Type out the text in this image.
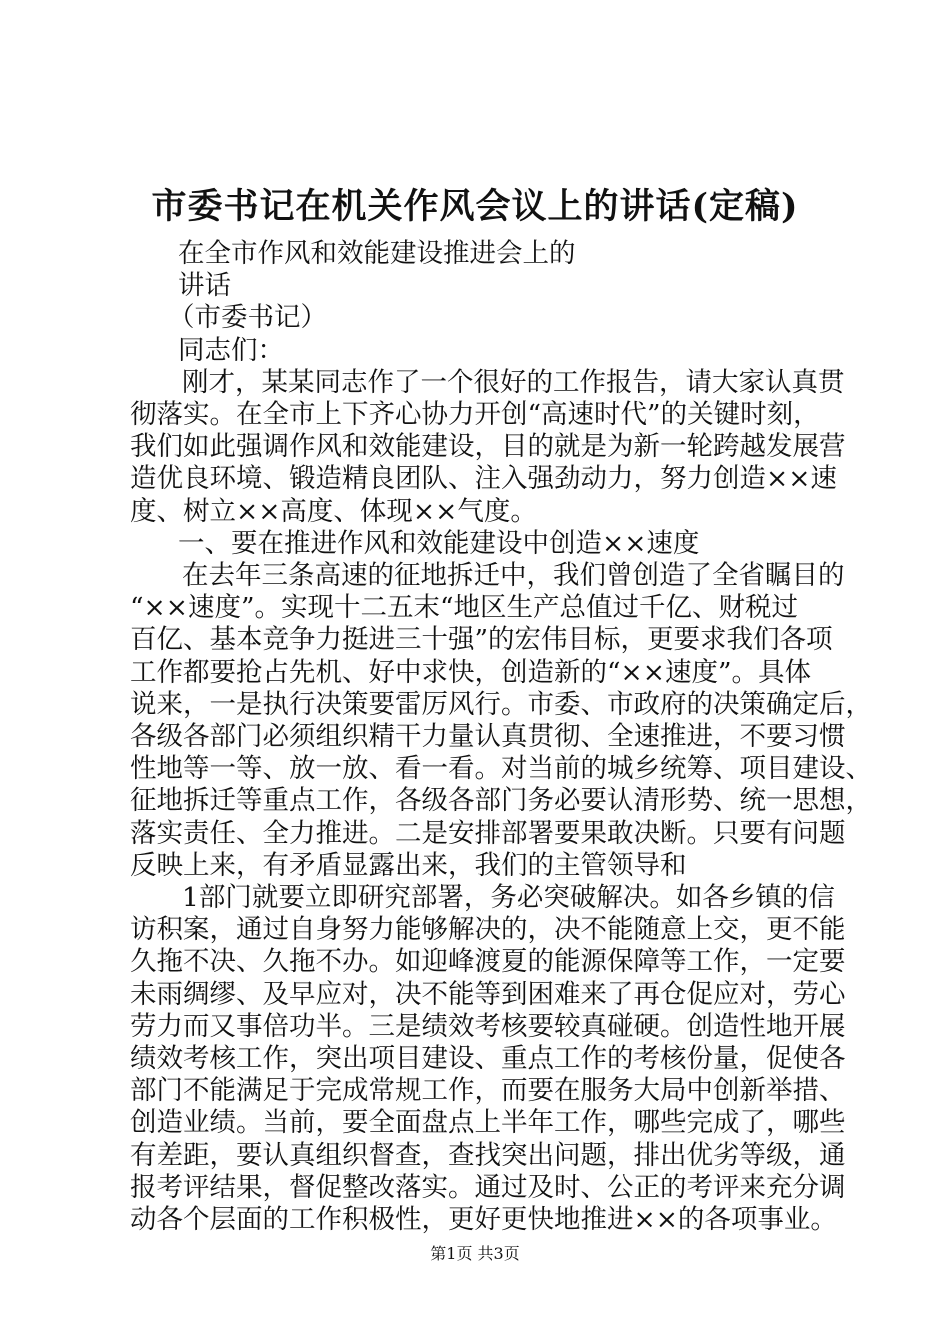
市委书记在机关作风会议上的讲话(定稿)
在全市作风和效能建设推进会上的
讲话
（市委书记）
同志们：
刚才，某某同志作了一个很好的工作报告，请大家认真贯
彻落实。在全市上下齐心协力开创“高速时代”的关键时刻，
我们如此强调作风和效能建设，目的就是为新一轮跨越发展营
造优良环境、锻造精良团队、注入强劲动力，努力创造××速
度、树立××高度、体现××气度。
一、要在推进作风和效能建设中创造××速度
在去年三条高速的征地拆迁中，我们曾创造了全省瞩目的
“××速度”。实现十二五末“地区生产总值过千亿、财税过
百亿、基本竞争力挺进三十强”的宏伟目标，更要求我们各项
工作都要抢占先机、好中求快，创造新的“××速度”。具体
说来，一是执行决策要雷厉风行。市委、市政府的决策确定后，
各级各部门必须组织精干力量认真贯彻、全速推进，不要习惯
性地等一等、放一放、看一看。对当前的城乡统筹、项目建设、
征地拆迁等重点工作，各级各部门务必要认清形势、统一思想，
落实责任、全力推进。二是安排部署要果敢决断。只要有问题
反映上来，有矛盾显露出来，我们的主管领导和
1部门就要立即研究部署，务必突破解决。如各乡镇的信
访积案，通过自身努力能够解决的，决不能随意上交，更不能
久拖不决、久拖不办。如迎峰渡夏的能源保障等工作，一定要
未雨绸缪、及早应对，决不能等到困难来了再仓促应对，劳心
劳力而又事倍功半。三是绩效考核要较真碰硬。创造性地开展
绩效考核工作，突出项目建设、重点工作的考核份量，促使各
部门不能满足于完成常规工作，而要在服务大局中创新举措、
创造业绩。当前，要全面盘点上半年工作，哪些完成了，哪些
有差距，要认真组织督查，查找突出问题，排出优劣等级，通
报考评结果，督促整改落实。通过及时、公正的考评来充分调
动各个层面的工作积极性，更好更快地推进××的各项事业。
第1页 共3页
